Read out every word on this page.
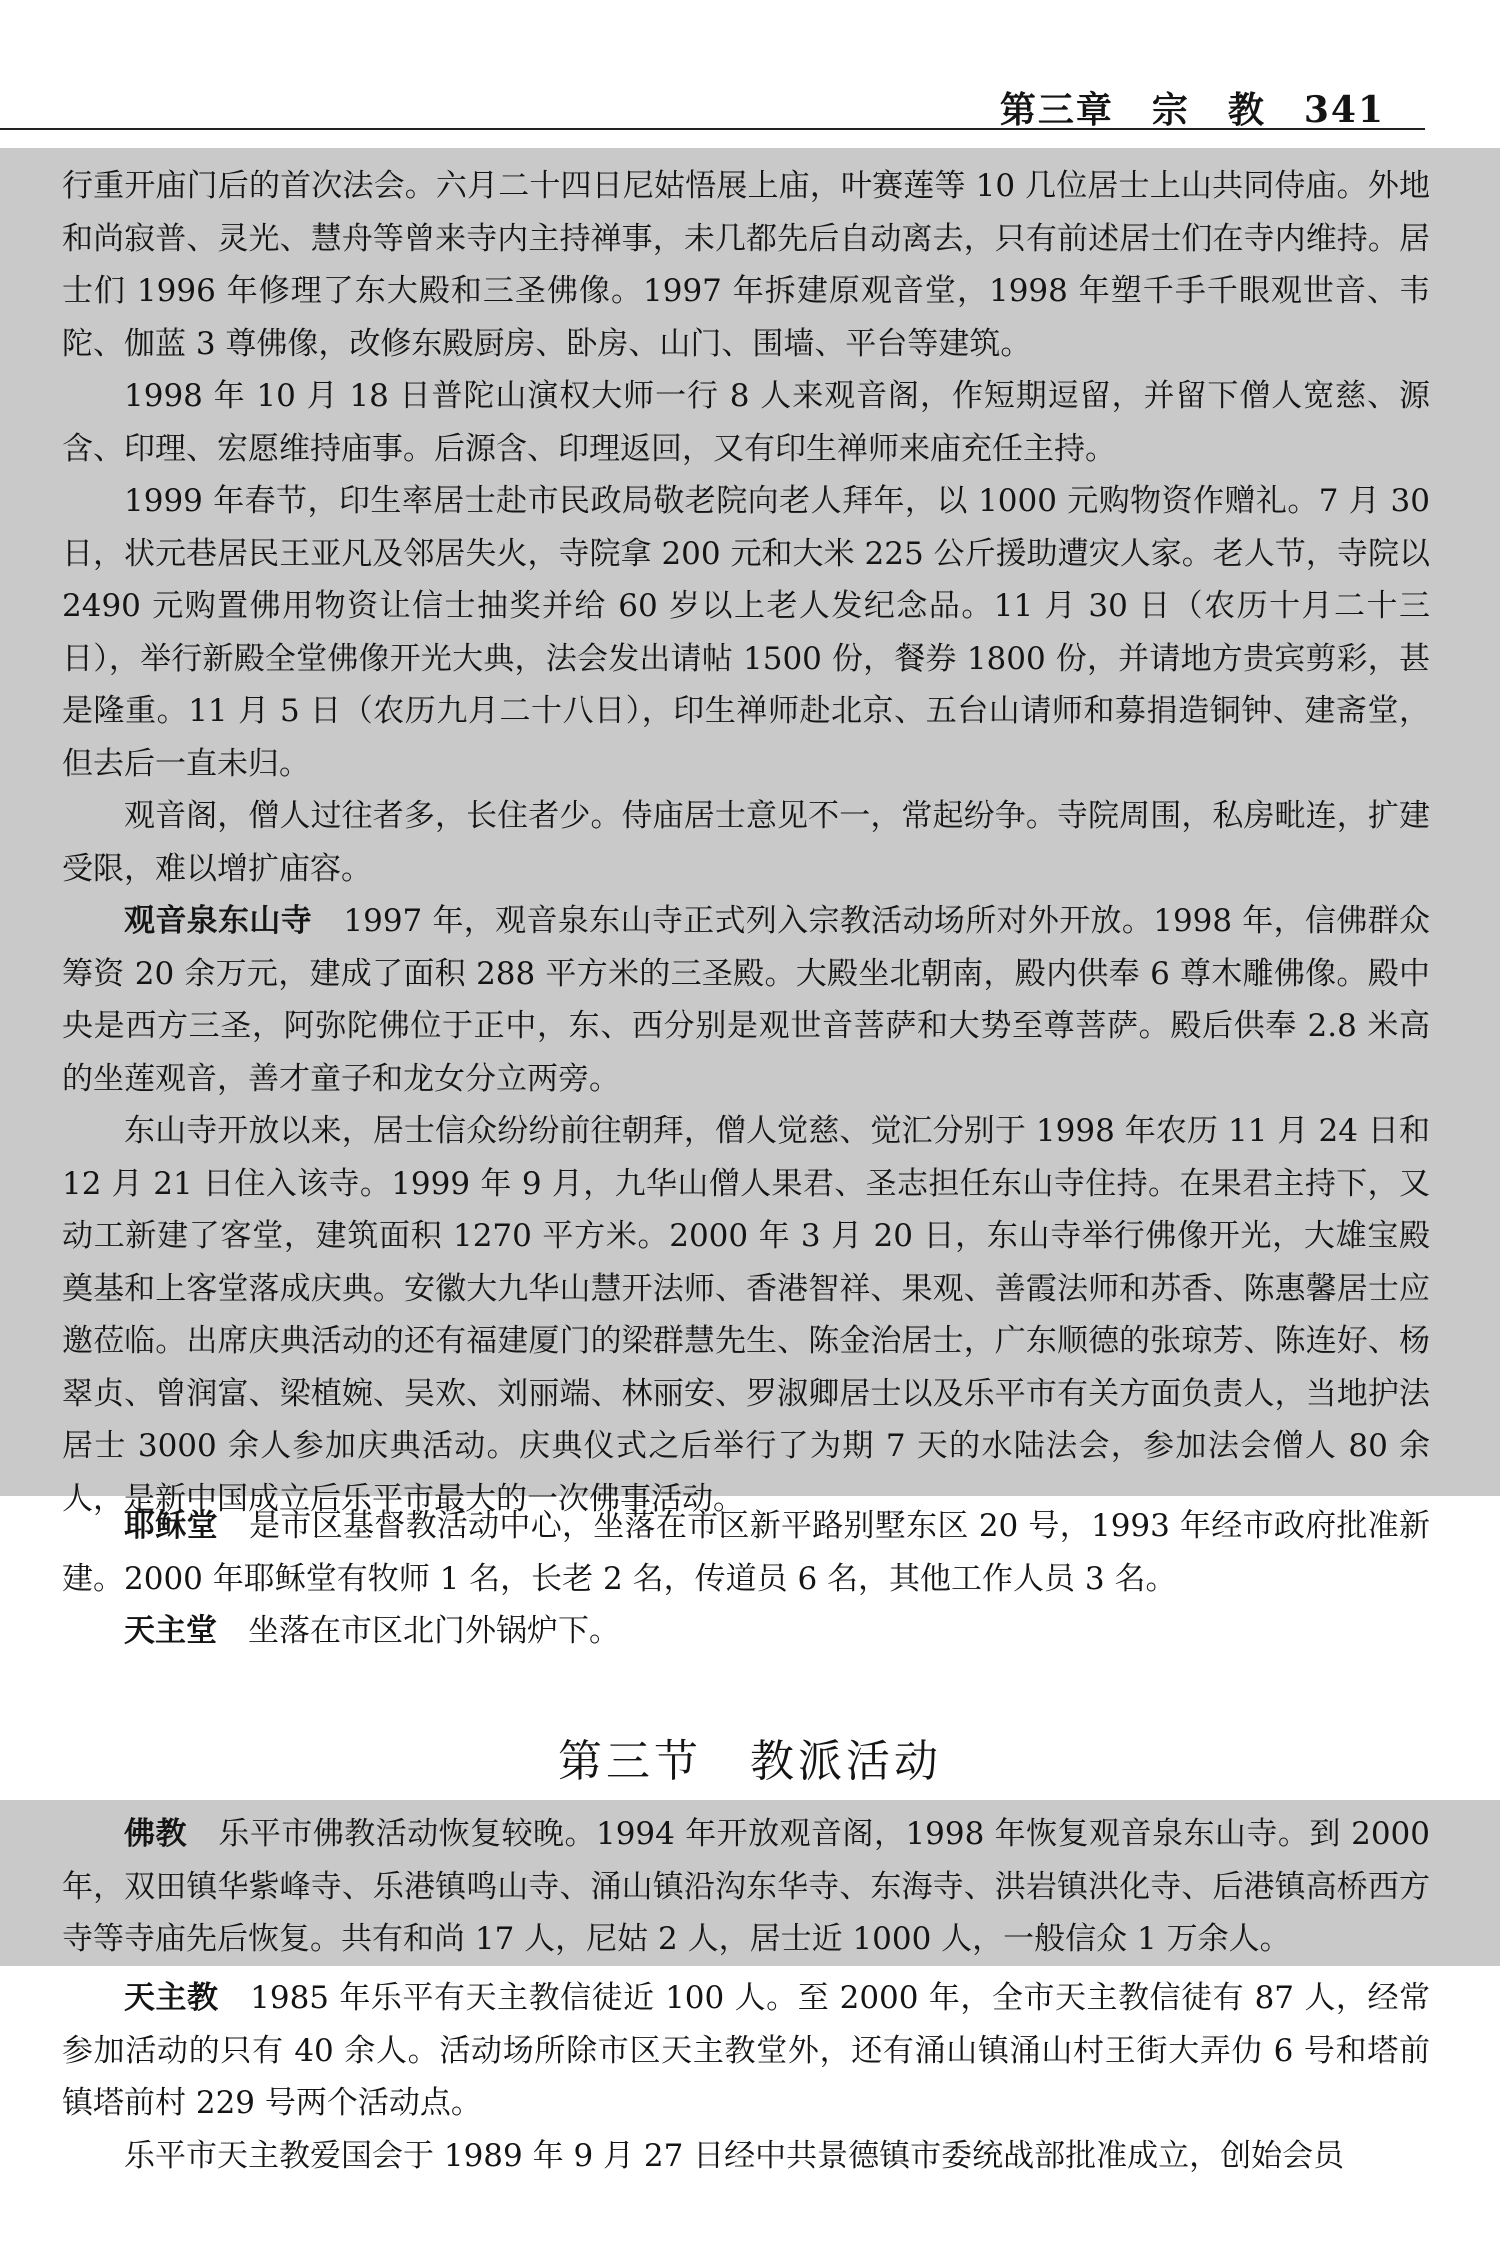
第三章　宗　教　341

行重开庙门后的首次法会。六月二十四日尼姑悟展上庙，叶赛莲等 10 几位居士上山共同侍庙。外地和尚寂普、灵光、慧舟等曾来寺内主持禅事，未几都先后自动离去，只有前述居士们在寺内维持。居士们 1996 年修理了东大殿和三圣佛像。1997 年拆建原观音堂，1998 年塑千手千眼观世音、韦陀、伽蓝 3 尊佛像，改修东殿厨房、卧房、山门、围墙、平台等建筑。

1998 年 10 月 18 日普陀山演权大师一行 8 人来观音阁，作短期逗留，并留下僧人宽慈、源含、印理、宏愿维持庙事。后源含、印理返回，又有印生禅师来庙充任主持。

1999 年春节，印生率居士赴市民政局敬老院向老人拜年，以 1000 元购物资作赠礼。7 月 30 日，状元巷居民王亚凡及邻居失火，寺院拿 200 元和大米 225 公斤援助遭灾人家。老人节，寺院以 2490 元购置佛用物资让信士抽奖并给 60 岁以上老人发纪念品。11 月 30 日（农历十月二十三日），举行新殿全堂佛像开光大典，法会发出请帖 1500 份，餐券 1800 份，并请地方贵宾剪彩，甚是隆重。11 月 5 日（农历九月二十八日），印生禅师赴北京、五台山请师和募捐造铜钟、建斋堂，但去后一直未归。

观音阁，僧人过往者多，长住者少。侍庙居士意见不一，常起纷争。寺院周围，私房毗连，扩建受限，难以增扩庙容。

观音泉东山寺　1997 年，观音泉东山寺正式列入宗教活动场所对外开放。1998 年，信佛群众筹资 20 余万元，建成了面积 288 平方米的三圣殿。大殿坐北朝南，殿内供奉 6 尊木雕佛像。殿中央是西方三圣，阿弥陀佛位于正中，东、西分别是观世音菩萨和大势至尊菩萨。殿后供奉 2.8 米高的坐莲观音，善才童子和龙女分立两旁。

东山寺开放以来，居士信众纷纷前往朝拜，僧人觉慈、觉汇分别于 1998 年农历 11 月 24 日和 12 月 21 日住入该寺。1999 年 9 月，九华山僧人果君、圣志担任东山寺住持。在果君主持下，又动工新建了客堂，建筑面积 1270 平方米。2000 年 3 月 20 日，东山寺举行佛像开光，大雄宝殿奠基和上客堂落成庆典。安徽大九华山慧开法师、香港智祥、果观、善霞法师和苏香、陈惠馨居士应邀莅临。出席庆典活动的还有福建厦门的梁群慧先生、陈金治居士，广东顺德的张琼芳、陈连好、杨翠贞、曾润富、梁植婉、吴欢、刘丽端、林丽安、罗淑卿居士以及乐平市有关方面负责人，当地护法居士 3000 余人参加庆典活动。庆典仪式之后举行了为期 7 天的水陆法会，参加法会僧人 80 余人，是新中国成立后乐平市最大的一次佛事活动。

耶稣堂　是市区基督教活动中心，坐落在市区新平路别墅东区 20 号，1993 年经市政府批准新建。2000 年耶稣堂有牧师 1 名，长老 2 名，传道员 6 名，其他工作人员 3 名。

天主堂　坐落在市区北门外锅炉下。

第三节　教派活动

佛教　乐平市佛教活动恢复较晚。1994 年开放观音阁，1998 年恢复观音泉东山寺。到 2000 年，双田镇华紫峰寺、乐港镇鸣山寺、涌山镇沿沟东华寺、东海寺、洪岩镇洪化寺、后港镇高桥西方寺等寺庙先后恢复。共有和尚 17 人，尼姑 2 人，居士近 1000 人，一般信众 1 万余人。

天主教　1985 年乐平有天主教信徒近 100 人。至 2000 年，全市天主教信徒有 87 人，经常参加活动的只有 40 余人。活动场所除市区天主教堂外，还有涌山镇涌山村王街大弄仂 6 号和塔前镇塔前村 229 号两个活动点。

乐平市天主教爱国会于 1989 年 9 月 27 日经中共景德镇市委统战部批准成立，创始会员
